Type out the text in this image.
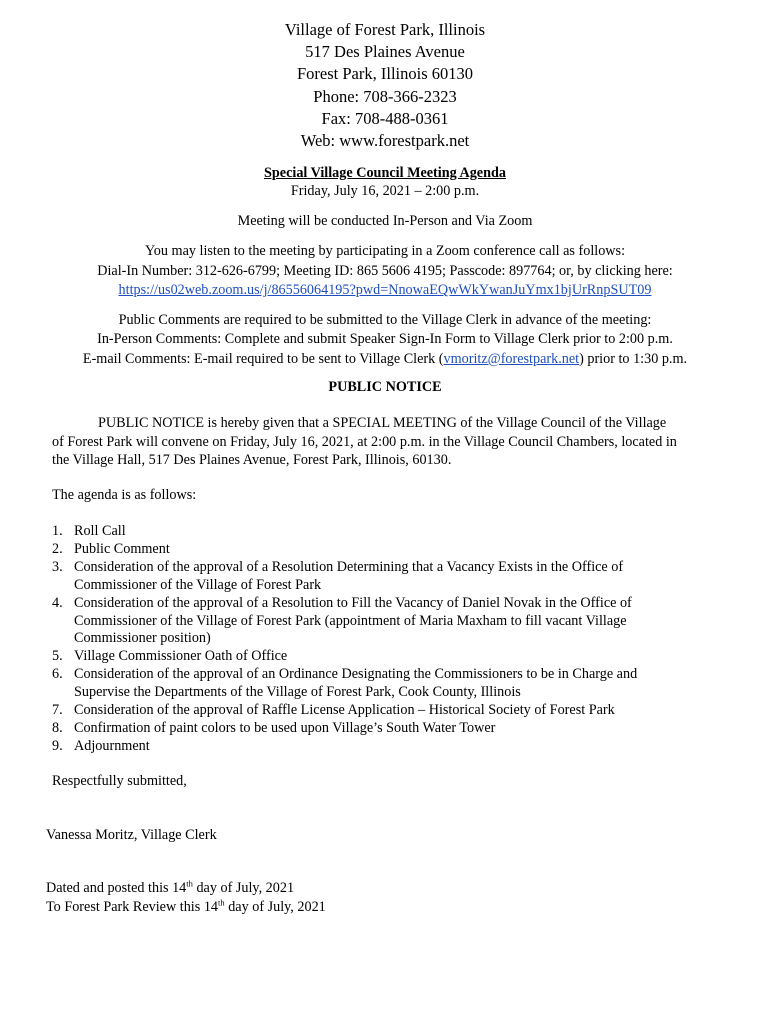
Village of Forest Park, Illinois
517 Des Plaines Avenue
Forest Park, Illinois 60130
Phone: 708-366-2323
Fax: 708-488-0361
Web: www.forestpark.net
Special Village Council Meeting Agenda
Friday, July 16, 2021 – 2:00 p.m.
Meeting will be conducted In-Person and Via Zoom
You may listen to the meeting by participating in a Zoom conference call as follows:
Dial-In Number: 312-626-6799; Meeting ID: 865 5606 4195; Passcode: 897764; or, by clicking here:
https://us02web.zoom.us/j/86556064195?pwd=NnowaEQwWkYwanJuYmx1bjUrRnpSUT09
Public Comments are required to be submitted to the Village Clerk in advance of the meeting:
In-Person Comments: Complete and submit Speaker Sign-In Form to Village Clerk prior to 2:00 p.m.
E-mail Comments: E-mail required to be sent to Village Clerk (vmoritz@forestpark.net) prior to 1:30 p.m.
PUBLIC NOTICE
PUBLIC NOTICE is hereby given that a SPECIAL MEETING of the Village Council of the Village
of Forest Park will convene on Friday, July 16, 2021, at 2:00 p.m. in the Village Council Chambers, located in
the Village Hall, 517 Des Plaines Avenue, Forest Park, Illinois, 60130.
The agenda is as follows:
1. Roll Call
2. Public Comment
3. Consideration of the approval of a Resolution Determining that a Vacancy Exists in the Office of
Commissioner of the Village of Forest Park
4. Consideration of the approval of a Resolution to Fill the Vacancy of Daniel Novak in the Office of
Commissioner of the Village of Forest Park (appointment of Maria Maxham to fill vacant Village
Commissioner position)
5. Village Commissioner Oath of Office
6. Consideration of the approval of an Ordinance Designating the Commissioners to be in Charge and
Supervise the Departments of the Village of Forest Park, Cook County, Illinois
7. Consideration of the approval of Raffle License Application – Historical Society of Forest Park
8. Confirmation of paint colors to be used upon Village’s South Water Tower
9. Adjournment
Respectfully submitted,
Vanessa Moritz, Village Clerk
Dated and posted this 14th day of July, 2021
To Forest Park Review this 14th day of July, 2021
